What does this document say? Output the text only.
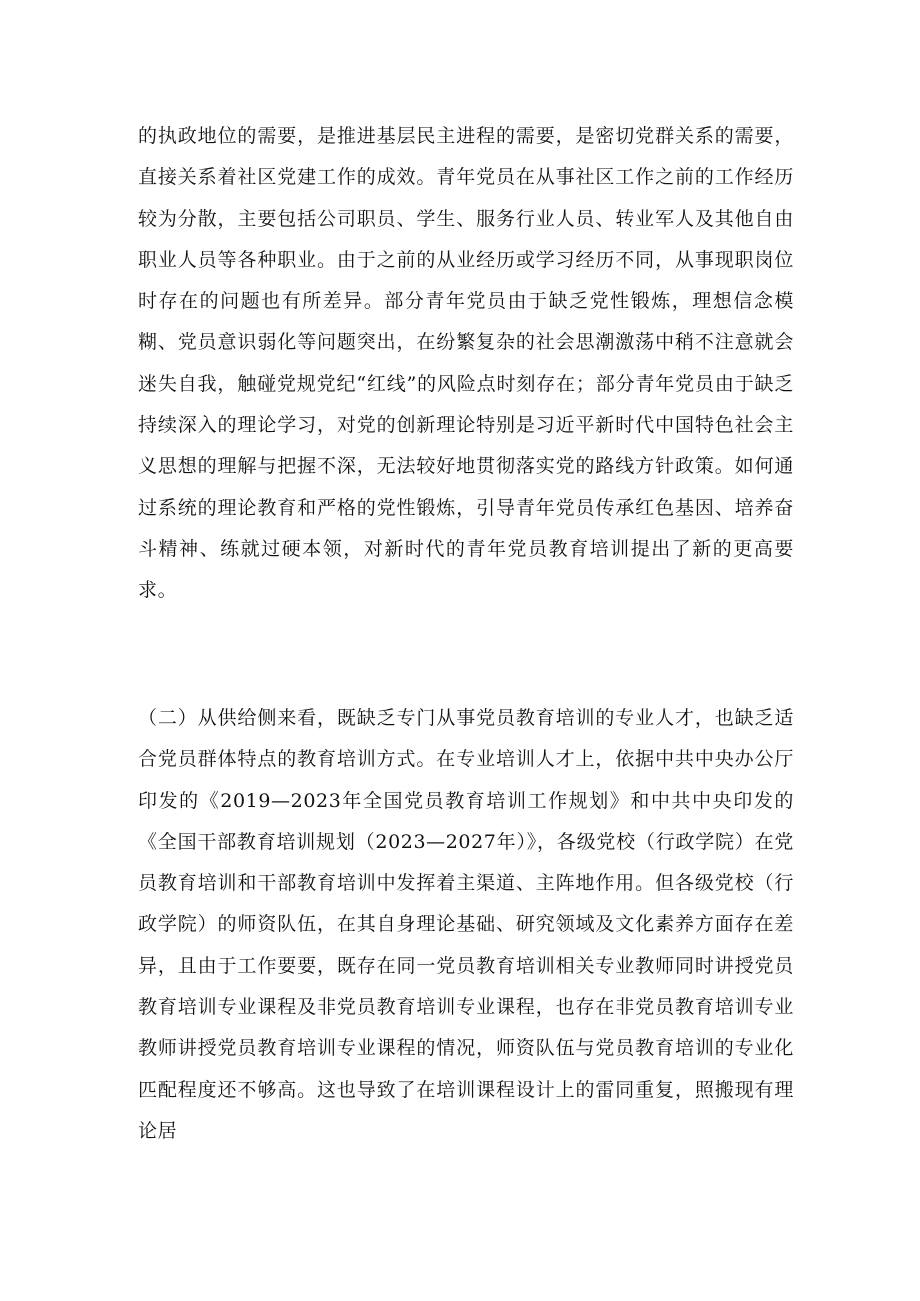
的执政地位的需要，是推进基层民主进程的需要，是密切党群关系的需要，直接关系着社区党建工作的成效。青年党员在从事社区工作之前的工作经历较为分散，主要包括公司职员、学生、服务行业人员、转业军人及其他自由职业人员等各种职业。由于之前的从业经历或学习经历不同，从事现职岗位时存在的问题也有所差异。部分青年党员由于缺乏党性锻炼，理想信念模糊、党员意识弱化等问题突出，在纷繁复杂的社会思潮激荡中稍不注意就会迷失自我，触碰党规党纪“红线”的风险点时刻存在；部分青年党员由于缺乏持续深入的理论学习，对党的创新理论特别是习近平新时代中国特色社会主义思想的理解与把握不深，无法较好地贯彻落实党的路线方针政策。如何通过系统的理论教育和严格的党性锻炼，引导青年党员传承红色基因、培养奋斗精神、练就过硬本领，对新时代的青年党员教育培训提出了新的更高要求。

（二）从供给侧来看，既缺乏专门从事党员教育培训的专业人才，也缺乏适合党员群体特点的教育培训方式。在专业培训人才上，依据中共中央办公厅印发的《2019—2023年全国党员教育培训工作规划》和中共中央印发的《全国干部教育培训规划（2023—2027年）》，各级党校（行政学院）在党员教育培训和干部教育培训中发挥着主渠道、主阵地作用。但各级党校（行政学院）的师资队伍，在其自身理论基础、研究领域及文化素养方面存在差异，且由于工作要要，既存在同一党员教育培训相关专业教师同时讲授党员教育培训专业课程及非党员教育培训专业课程，也存在非党员教育培训专业教师讲授党员教育培训专业课程的情况，师资队伍与党员教育培训的专业化匹配程度还不够高。这也导致了在培训课程设计上的雷同重复，照搬现有理论居
